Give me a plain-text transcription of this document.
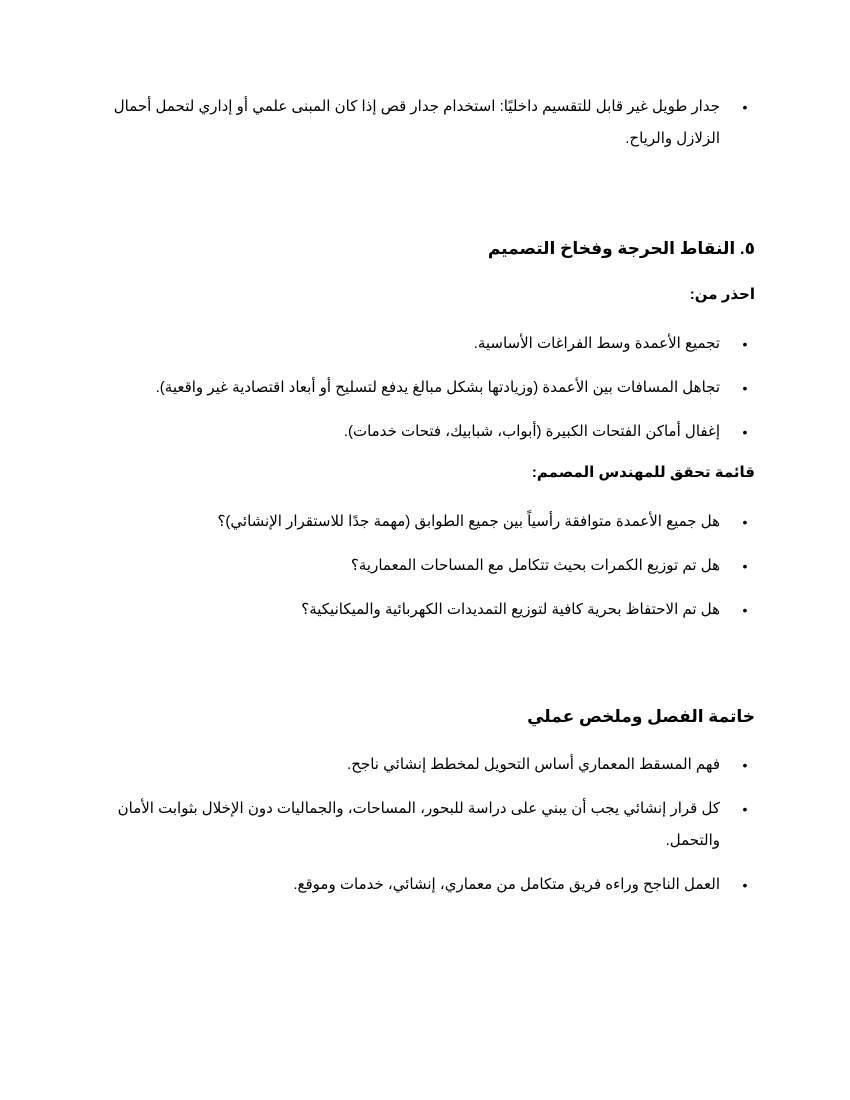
•
جدار طويل غير قابل للتقسيم داخليًا: استخدام جدار قص إذا كان المبنى علمي أو إداري لتحمل أحمال الزلازل والرياح.
٥. النقاط الحرجة وفخاخ التصميم
احذر من:
•
تجميع الأعمدة وسط الفراغات الأساسية.
•
تجاهل المسافات بين الأعمدة (وزيادتها بشكل مبالغ يدفع لتسليح أو أبعاد اقتصادية غير واقعية).
•
إغفال أماكن الفتحات الكبيرة (أبواب، شبابيك، فتحات خدمات).
قائمة تحقق للمهندس المصمم:
•
هل جميع الأعمدة متوافقة رأسياً بين جميع الطوابق (مهمة جدًا للاستقرار الإنشائي)؟
•
هل تم توزيع الكمرات بحيث تتكامل مع المساحات المعمارية؟
•
هل تم الاحتفاظ بحرية كافية لتوزيع التمديدات الكهربائية والميكانيكية؟
خاتمة الفصل وملخص عملي
•
فهم المسقط المعماري أساس التحويل لمخطط إنشائي ناجح.
•
كل قرار إنشائي يجب أن يبني على دراسة للبحور، المساحات، والجماليات دون الإخلال بثوابت الأمان والتحمل.
•
العمل الناجح وراءه فريق متكامل من معماري، إنشائي، خدمات وموقع.
